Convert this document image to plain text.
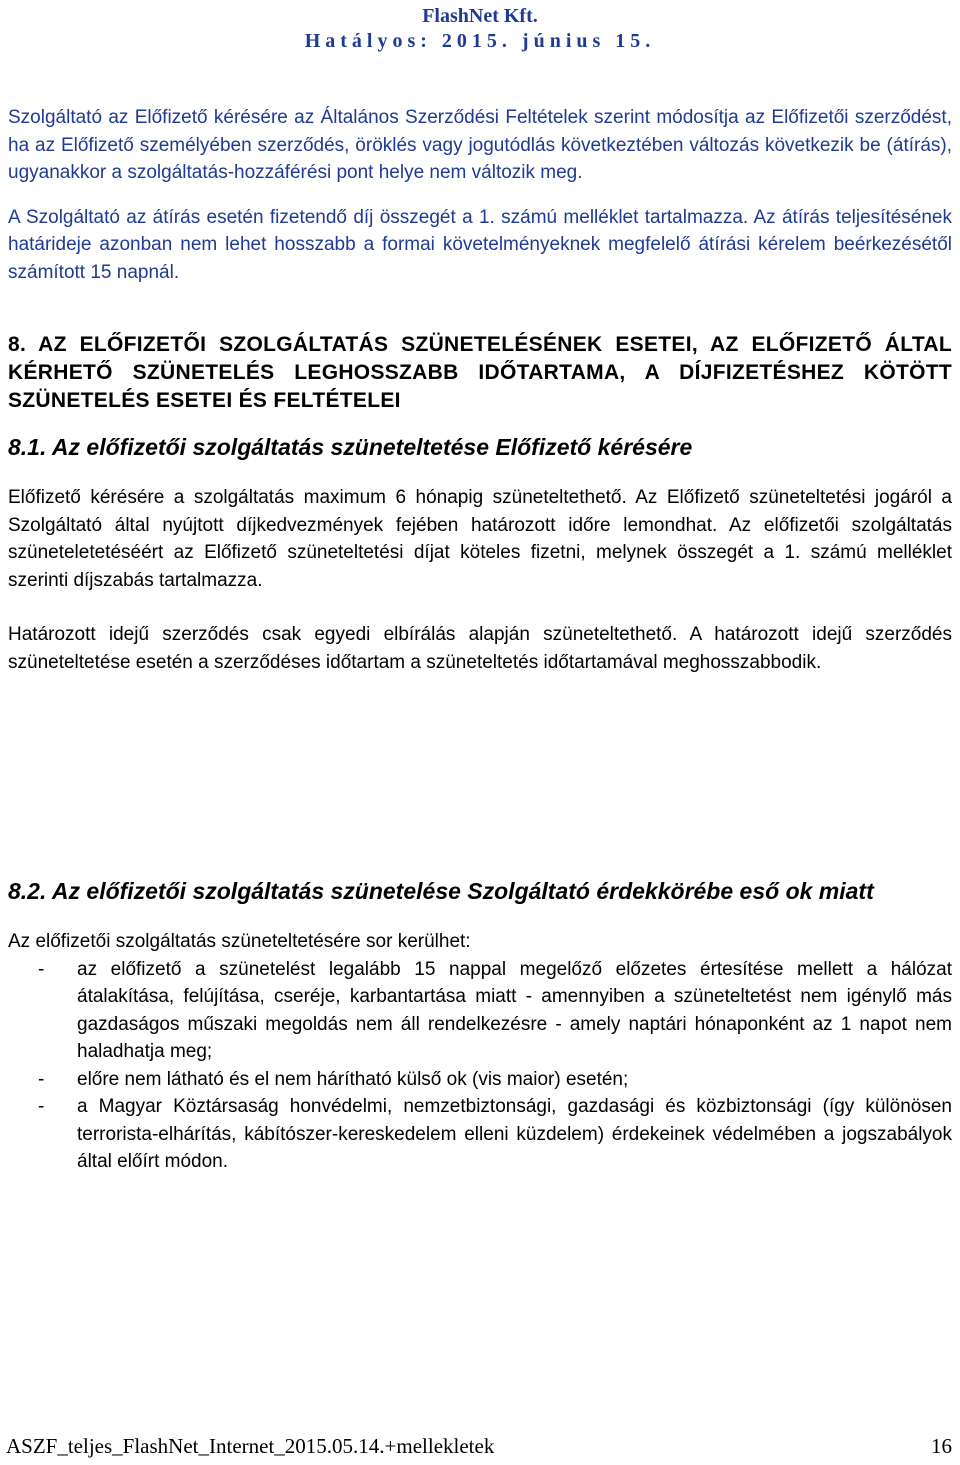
FlashNet Kft.
Hatályos: 2015. június 15.

Szolgáltató az Előfizető kérésére az Általános Szerződési Feltételek szerint módosítja az Előfizetői szerződést, ha az Előfizető személyében szerződés, öröklés vagy jogutódlás következtében változás következik be (átírás), ugyanakkor a szolgáltatás-hozzáférési pont helye nem változik meg.

A Szolgáltató az átírás esetén fizetendő díj összegét a 1. számú melléklet tartalmazza. Az átírás teljesítésének határideje azonban nem lehet hosszabb a formai követelményeknek megfelelő átírási kérelem beérkezésétől számított 15 napnál.

8. AZ ELŐFIZETŐI SZOLGÁLTATÁS SZÜNETELÉSÉNEK ESETEI, AZ ELŐFIZETŐ ÁLTAL KÉRHETŐ SZÜNETELÉS LEGHOSSZABB IDŐTARTAMA, A DÍJFIZETÉSHEZ KÖTÖTT SZÜNETELÉS ESETEI ÉS FELTÉTELEI

8.1. Az előfizetői szolgáltatás szüneteltetése Előfizető kérésére

Előfizető kérésére a szolgáltatás maximum 6 hónapig szüneteltethető. Az Előfizető szüneteltetési jogáról a Szolgáltató által nyújtott díjkedvezmények fejében határozott időre lemondhat. Az előfizetői szolgáltatás szüneteletetéséért az Előfizető szüneteltetési díjat köteles fizetni, melynek összegét a 1. számú melléklet szerinti díjszabás tartalmazza.

Határozott idejű szerződés csak egyedi elbírálás alapján szüneteltethető. A határozott idejű szerződés szüneteltetése esetén a szerződéses időtartam a szüneteltetés időtartamával meghosszabbodik.

8.2. Az előfizetői szolgáltatás szünetelése Szolgáltató érdekkörébe eső ok miatt

Az előfizetői szolgáltatás szüneteltetésére sor kerülhet:

- az előfizető a szünetelést legalább 15 nappal megelőző előzetes értesítése mellett a hálózat átalakítása, felújítása, cseréje, karbantartása miatt - amennyiben a szüneteltetést nem igénylő más gazdaságos műszaki megoldás nem áll rendelkezésre - amely naptári hónaponként az 1 napot nem haladhatja meg;
- előre nem látható és el nem hárítható külső ok (vis maior) esetén;
- a Magyar Köztársaság honvédelmi, nemzetbiztonsági, gazdasági és közbiztonsági (így különösen terrorista-elhárítás, kábítószer-kereskedelem elleni küzdelem) érdekeinek védelmében a jogszabályok által előírt módon.
ASZF_teljes_FlashNet_Internet_2015.05.14.+mellekletek	16
